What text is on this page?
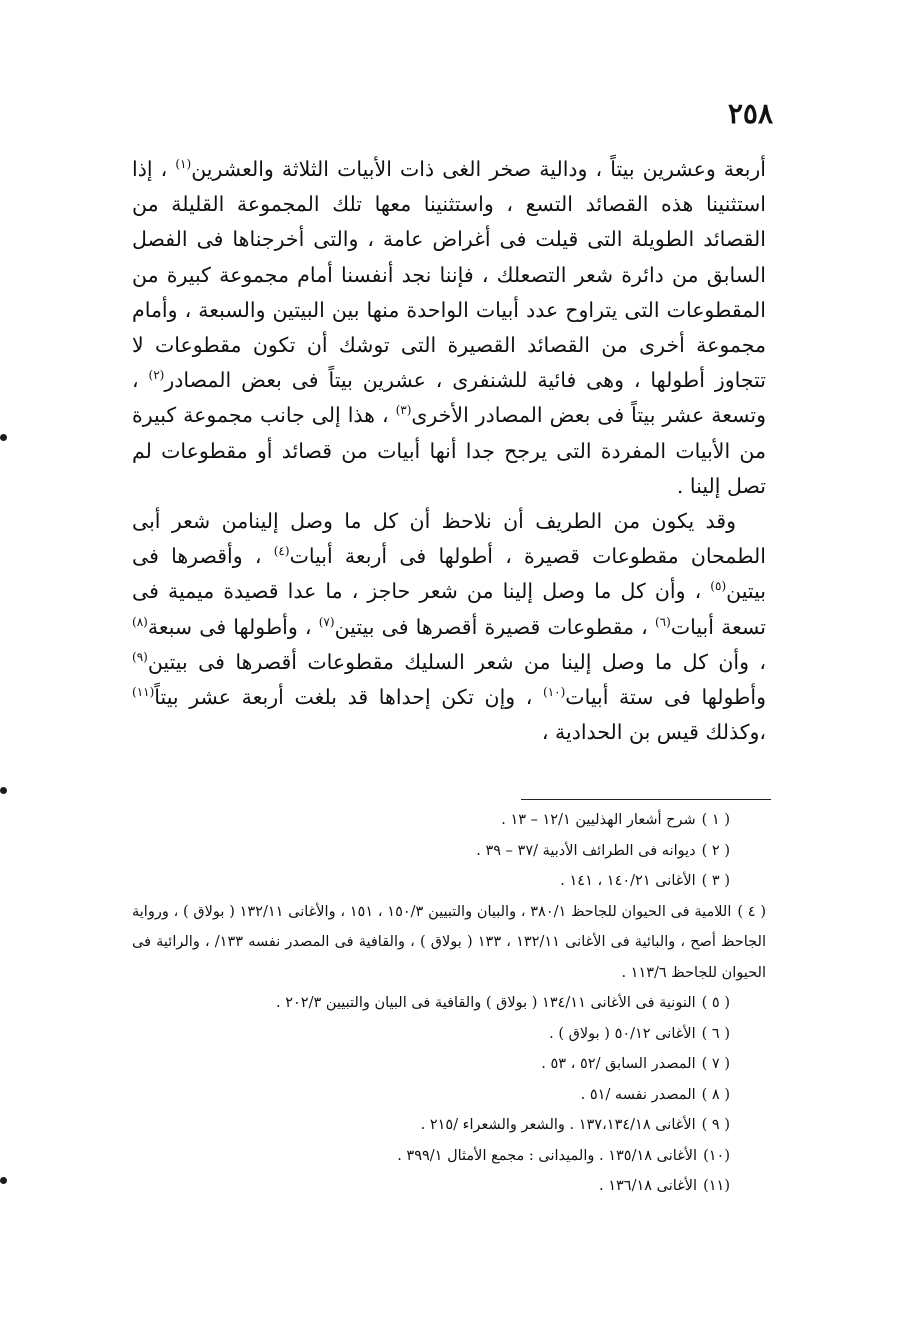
٢٥٨

أربعة وعشرين بيتاً ، ودالية صخر الغى ذات الأبيات الثلاثة والعشرين$^{(١)}$ ، إذا استثنينا هذه القصائد التسع ، واستثنينا معها تلك المجموعة القليلة من القصائد الطويلة التى قيلت فى أغراض عامة ، والتى أخرجناها فى الفصل السابق من دائرة شعر التصعلك ، فإننا نجد أنفسنا أمام مجموعة كبيرة من المقطوعات التى يتراوح عدد أبيات الواحدة منها بين البيتين والسبعة ، وأمام مجموعة أخرى من القصائد القصيرة التى توشك أن تكون مقطوعات لا تتجاوز أطولها ، وهى فائية للشنفرى ، عشرين بيتاً فى بعض المصادر$^{(٢)}$ ، وتسعة عشر بيتاً فى بعض المصادر الأخرى$^{(٣)}$ ، هذا إلى جانب مجموعة كبيرة من الأبيات المفردة التى يرجح جدا أنها أبيات من قصائد أو مقطوعات لم تصل إلينا .

وقد يكون من الطريف أن نلاحظ أن كل ما وصل إلينامن شعر أبى الطمحان مقطوعات قصيرة ، أطولها فى أربعة أبيات$^{(٤)}$ ، وأقصرها فى بيتين$^{(٥)}$ ، وأن كل ما وصل إلينا من شعر حاجز ، ما عدا قصيدة ميمية فى تسعة أبيات$^{(٦)}$ ، مقطوعات قصيرة أقصرها فى بيتين$^{(٧)}$ ، وأطولها فى سبعة$^{(٨)}$ ، وأن كل ما وصل إلينا من شعر السليك مقطوعات أقصرها فى بيتين$^{(٩)}$ وأطولها فى ستة أبيات$^{(١٠)}$ ، وإن تكن إحداها قد بلغت أربعة عشر بيتاً$^{(١١)}$ ،وكذلك قيس بن الحدادية ،

( ١ )شرح أشعار الهذليين ١٢/١ – ١٣ .
( ٢ )ديوانه فى الطرائف الأدبية /٣٧ – ٣٩ .
( ٣ )الأغانى ١٤٠/٢١ ، ١٤١ .
( ٤ )اللامية فى الحيوان للجاحظ ٣٨٠/١ ، والبيان والتبيين ١٥٠/٣ ، ١٥١ ، والأغانى ١٣٢/١١ ( بولاق ) ، ورواية الجاحظ أصح ، والبائية فى الأغانى ١٣٢/١١ ، ١٣٣ ( بولاق ) ، والقافية فى المصدر نفسه ١٣٣/ ، والرائية فى الحيوان للجاحظ ١١٣/٦ .
( ٥ )النونية فى الأغانى ١٣٤/١١ ( بولاق ) والقافية فى البيان والتبيين ٢٠٢/٣ .
( ٦ )الأغانى ٥٠/١٢ ( بولاق ) .
( ٧ )المصدر السابق /٥٢ ، ٥٣ .
( ٨ )المصدر نفسه /٥١ .
( ٩ )الأغانى ١٣٧،١٣٤/١٨ . والشعر والشعراء /٢١٥ .
(١٠)الأغانى ١٣٥/١٨ . والميدانى : مجمع الأمثال ٣٩٩/١ .
(١١)الأغانى ١٣٦/١٨ .
